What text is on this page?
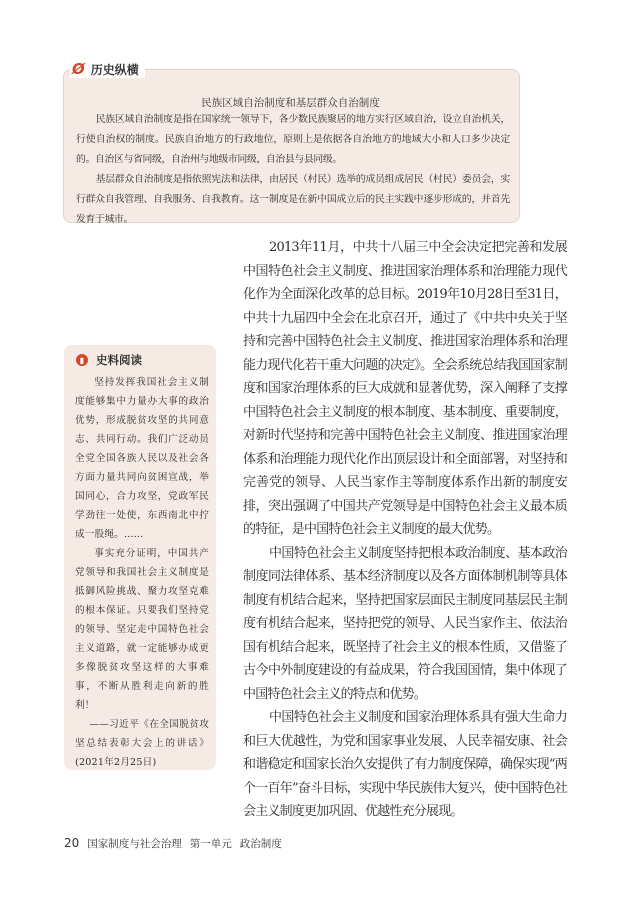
Ø 历史纵横
民族区域自治制度和基层群众自治制度

民族区域自治制度是指在国家统一领导下，各少数民族聚居的地方实行区域自治，设立自治机关，行使自治权的制度。民族自治地方的行政地位，原则上是依据各自治地方的地域大小和人口多少决定的。自治区与省同级，自治州与地级市同级，自治县与县同级。

基层群众自治制度是指依照宪法和法律，由居民（村民）选举的成员组成居民（村民）委员会，实行群众自我管理、自我服务、自我教育。这一制度是在新中国成立后的民主实践中逐步形成的，并首先发育于城市。

▮	史料阅读

坚持发挥我国社会主义制度能够集中力量办大事的政治优势，形成脱贫攻坚的共同意志、共同行动。我们广泛动员全党全国各族人民以及社会各方面力量共同向贫困宣战，举国同心，合力攻坚，党政军民学劲往一处使，东西南北中拧成一股绳。……

事实充分证明，中国共产党领导和我国社会主义制度是抵御风险挑战、聚力攻坚克难的根本保证。只要我们坚持党的领导、坚定走中国特色社会主义道路，就一定能够办成更多像脱贫攻坚这样的大事难事，不断从胜利走向新的胜利！

——习近平《在全国脱贫攻坚总结表彰大会上的讲话》(2021年2月25日)

2013年11月，中共十八届三中全会决定把完善和发展中国特色社会主义制度、推进国家治理体系和治理能力现代化作为全面深化改革的总目标。2019年10月28日至31日，中共十九届四中全会在北京召开，通过了《中共中央关于坚持和完善中国特色社会主义制度、推进国家治理体系和治理能力现代化若干重大问题的决定》。全会系统总结我国国家制度和国家治理体系的巨大成就和显著优势，深入阐释了支撑中国特色社会主义制度的根本制度、基本制度、重要制度，对新时代坚持和完善中国特色社会主义制度、推进国家治理体系和治理能力现代化作出顶层设计和全面部署，对坚持和完善党的领导、人民当家作主等制度体系作出新的制度安排，突出强调了中国共产党领导是中国特色社会主义最本质的特征，是中国特色社会主义制度的最大优势。

中国特色社会主义制度坚持把根本政治制度、基本政治制度同法律体系、基本经济制度以及各方面体制机制等具体制度有机结合起来，坚持把国家层面民主制度同基层民主制度有机结合起来，坚持把党的领导、人民当家作主、依法治国有机结合起来，既坚持了社会主义的根本性质，又借鉴了古今中外制度建设的有益成果，符合我国国情，集中体现了中国特色社会主义的特点和优势。

中国特色社会主义制度和国家治理体系具有强大生命力和巨大优越性，为党和国家事业发展、人民幸福安康、社会和谐稳定和国家长治久安提供了有力制度保障，确保实现“两个一百年”奋斗目标，实现中华民族伟大复兴，使中国特色社会主义制度更加巩固、优越性充分展现。

20 国家制度与社会治理 第一单元 政治制度
